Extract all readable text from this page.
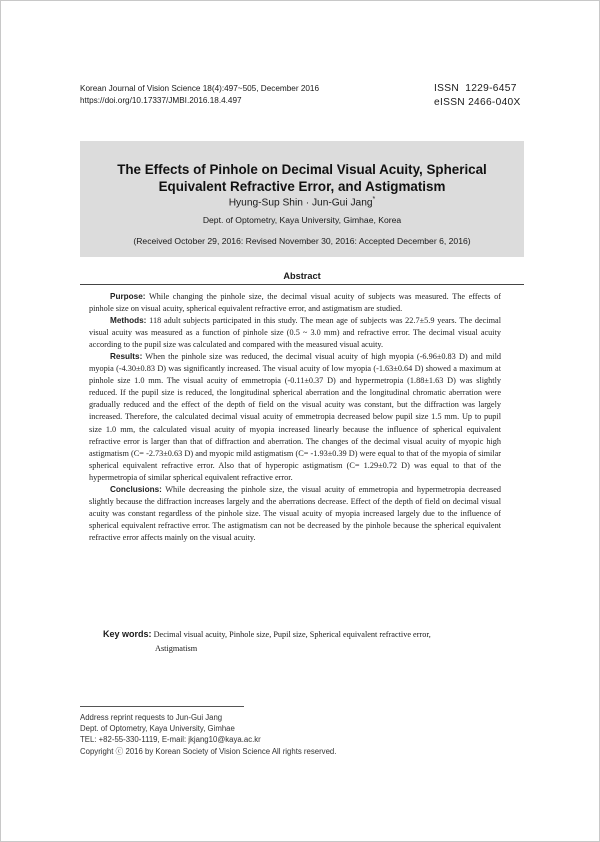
Korean Journal of Vision Science 18(4):497~505, December 2016
https://doi.org/10.17337/JMBI.2016.18.4.497
ISSN  1229-6457
eISSN 2466-040X
The Effects of Pinhole on Decimal Visual Acuity, Spherical
Equivalent Refractive Error, and Astigmatism
Hyung-Sup Shin · Jun-Gui Jang*
Dept. of Optometry, Kaya University, Gimhae, Korea
(Received October 29, 2016: Revised November 30, 2016: Accepted December 6, 2016)
Abstract

Purpose: While changing the pinhole size, the decimal visual acuity of subjects was measured. The effects of pinhole size on visual acuity, spherical equivalent refractive error, and astigmatism are studied.

Methods: 118 adult subjects participated in this study. The mean age of subjects was 22.7±5.9 years. The decimal visual acuity was measured as a function of pinhole size (0.5 ~ 3.0 mm) and refractive error. The decimal visual acuity according to the pupil size was calculated and compared with the measured visual acuity.

Results: When the pinhole size was reduced, the decimal visual acuity of high myopia (-6.96±0.83 D) and mild myopia (-4.30±0.83 D) was significantly increased. The visual acuity of low myopia (-1.63±0.64 D) showed a maximum at pinhole size 1.0 mm. The visual acuity of emmetropia (-0.11±0.37 D) and hypermetropia (1.88±1.63 D) was slightly reduced. If the pupil size is reduced, the longitudinal spherical aberration and the longitudinal chromatic aberration were gradually reduced and the effect of the depth of field on the visual acuity was constant, but the diffraction was largely increased. Therefore, the calculated decimal visual acuity of emmetropia decreased below pupil size 1.5 mm. Up to pupil size 1.0 mm, the calculated visual acuity of myopia increased linearly because the influence of spherical equivalent refractive error is larger than that of diffraction and aberration. The changes of the decimal visual acuity of myopic high astigmatism (C= -2.73±0.63 D) and myopic mild astigmatism (C= -1.93±0.39 D) were equal to that of the myopia of similar spherical equivalent refractive error. Also that of hyperopic astigmatism (C= 1.29±0.72 D) was equal to that of the hypermetropia of similar spherical equivalent refractive error.

Conclusions: While decreasing the pinhole size, the visual acuity of emmetropia and hypermetropia decreased slightly because the diffraction increases largely and the aberrations decrease. Effect of the depth of field on decimal visual acuity was constant regardless of the pinhole size. The visual acuity of myopia increased largely due to the influence of spherical equivalent refractive error. The astigmatism can not be decreased by the pinhole because the spherical equivalent refractive error affects mainly on the visual acuity.

Key words: Decimal visual acuity, Pinhole size, Pupil size, Spherical equivalent refractive error,
Astigmatism
Address reprint requests to Jun-Gui Jang
Dept. of Optometry, Kaya University, Gimhae
TEL: +82-55-330-1119, E-mail: jkjang10@kaya.ac.kr
Copyright ⓒ 2016 by Korean Society of Vision Science All rights reserved.
